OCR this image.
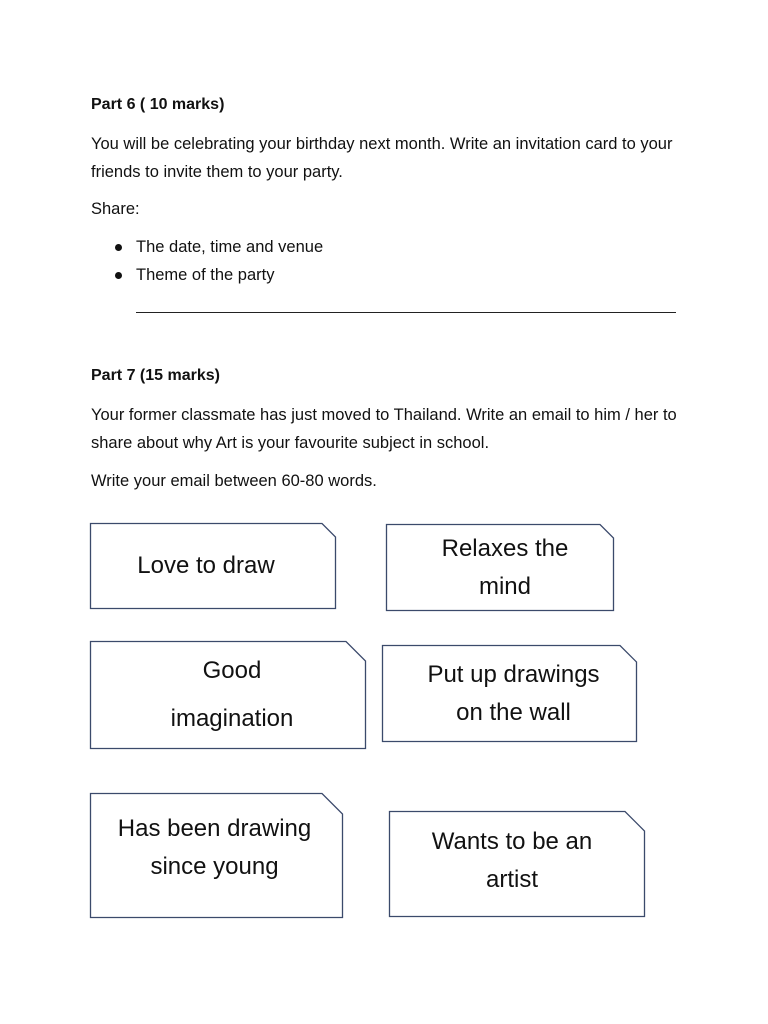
Part 6 ( 10 marks)
You will be celebrating your birthday next month. Write an invitation card to your friends to invite them to your party.
Share:
The date, time and venue
Theme of the party
Part 7 (15 marks)
Your former classmate has just moved to Thailand. Write an email to him / her to share about why Art is your favourite subject in school.
Write your email between 60-80 words.
Love to draw
Relaxes the mind
Good imagination
Put up drawings on the wall
Has been drawing since young
Wants to be an artist
